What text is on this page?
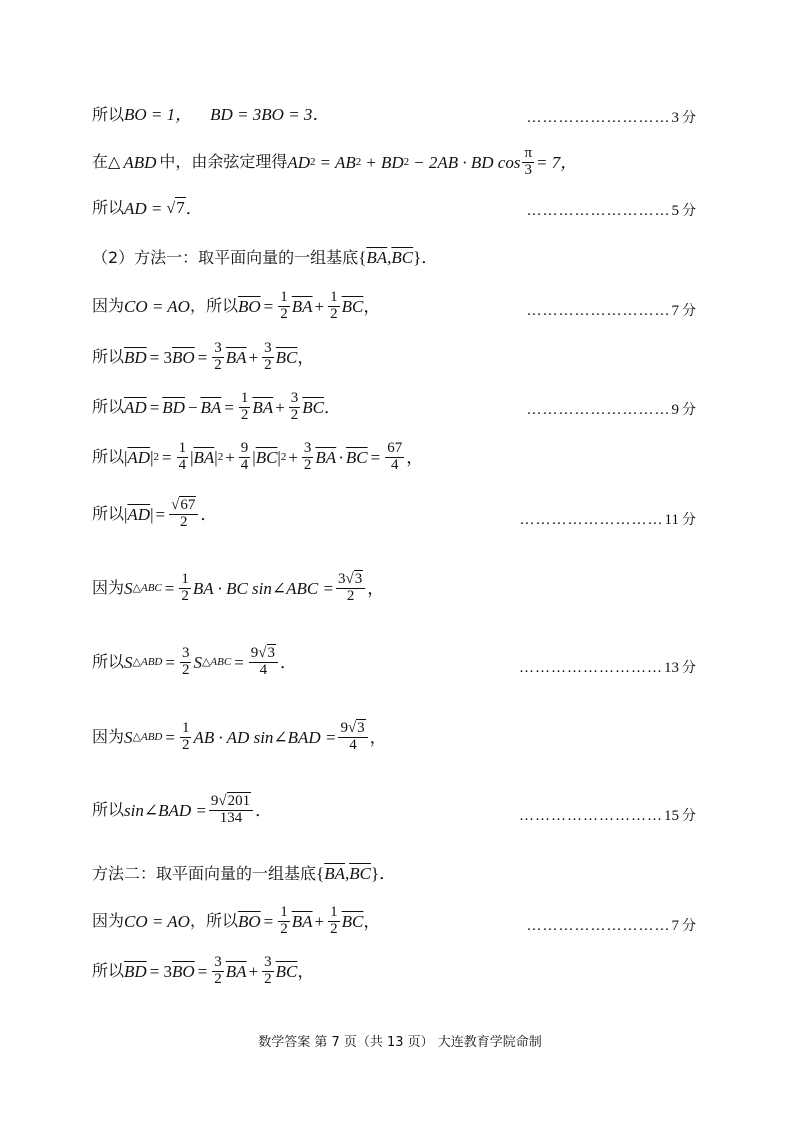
所以 BO = 1， BD = 3BO = 3．	………………………3 分
在△ ABD 中，由余弦定理得 AD 2 = AB 2 + BD 2 − 2AB · BD $\cos \frac{\pi}{3} = 7$，
所以 AD = √7 ．	………………………5 分
（2）方法一：取平面向量的一组基底 { $\overline{BA}$ , $\overline{BC}$ }．
因为 CO = AO ，所以 $\overline{BO} = \frac{1}{2} \overline{BA} + \frac{1}{2} \overline{BC}$ ，	………………………7 分
所以 $\overline{BD} = 3$ $\overline{BO} = \frac{3}{2} \overline{BA} + \frac{3}{2} \overline{BC}$ ，
所以 $\overline{AD} = \overline{BD} - \overline{BA} = \frac{1}{2} \overline{BA} + \frac{3}{2} \overline{BC}$ ．	………………………9 分
所以 | $\overline{AD}$ | $2 = \frac{1}{4}$ | $\overline{BA}$ | $2 + \frac{9}{4}$ | $\overline{BC}$ | $2 + \frac{3}{2} \overline{BA} \cdot \overline{BC} = \frac{67}{4}$ ，
所以 | $\overline{AD}$ | = $\frac{√67}{2}$ ．	………………………11 分
因为 S △ABC = $\frac{1}{2}$ BA · BC sin∠ABC = $\frac{3√3}{2}$ ，
所以 S △ABD = $\frac{3}{2}$ S △ABC = $\frac{9√3}{4}$ ．	………………………13 分
因为 S △ABD = $\frac{1}{2}$ AB · AD sin∠BAD = $\frac{9√3}{4}$ ，
所以 sin∠BAD = $\frac{9√201}{134}$ ．	………………………15 分
方法二：取平面向量的一组基底 { $\overline{BA}$ , $\overline{BC}$ }．
因为 CO = AO ，所以 $\overline{BO} = \frac{1}{2} \overline{BA} + \frac{1}{2} \overline{BC}$ ，	………………………7 分
所以 $\overline{BD} = 3$ $\overline{BO} = \frac{3}{2} \overline{BA} + \frac{3}{2} \overline{BC}$ ，
数学答案 第 7 页（共 13 页） 大连教育学院命制
